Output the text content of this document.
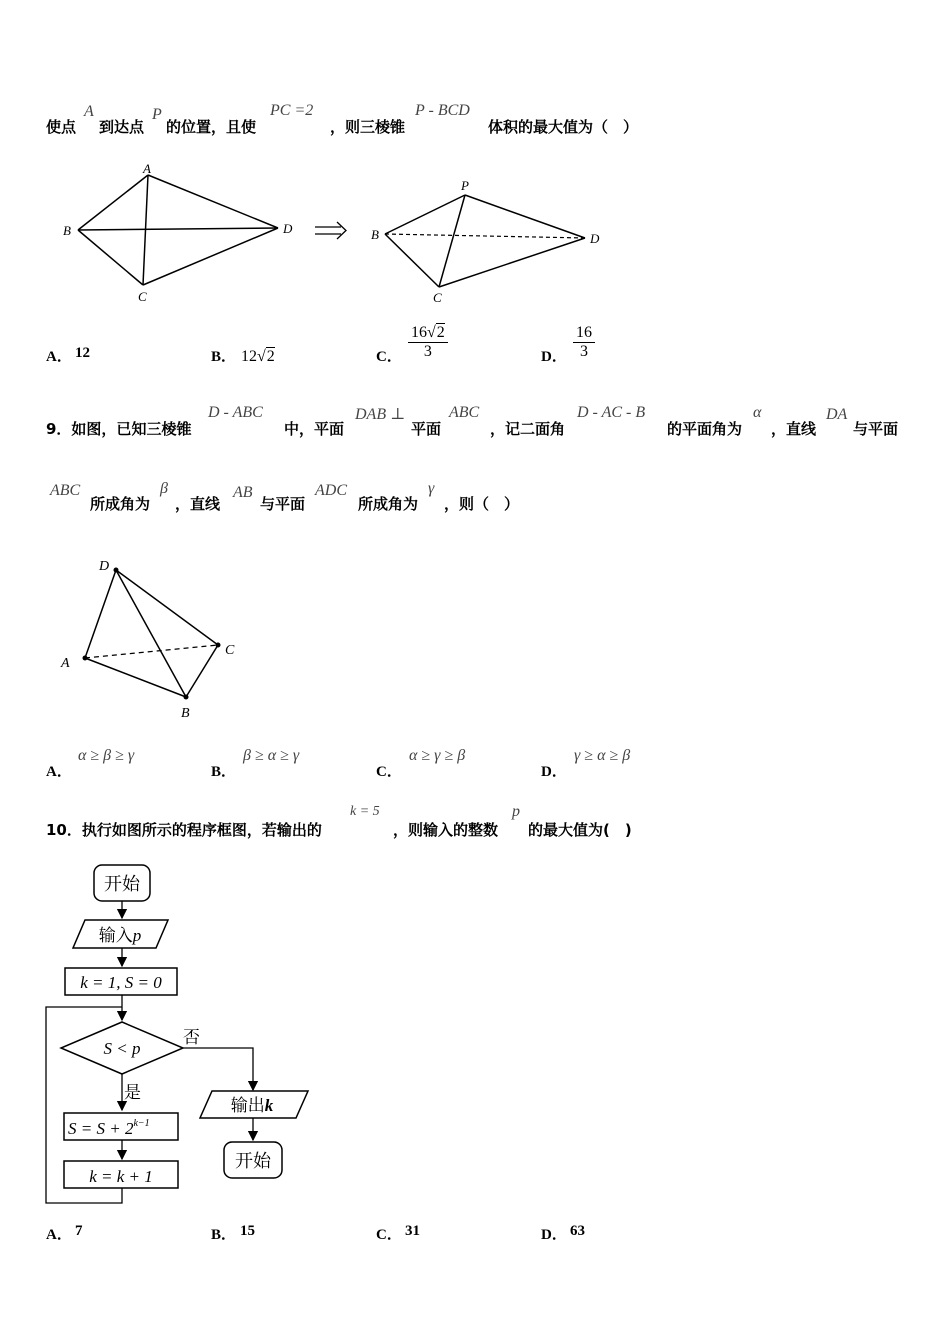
使点
A
到达点
P
的位置，且使
PC =2
，则三棱锥
P - BCD
体积的最大值为（　）
A
B
C
D
P
B
C
D
A． 12	B． 12√2	C． $\frac{16√2}{3}$	D． $\frac{16}{3}$
9．如图，已知三棱锥
D - ABC
中，平面
DAB ⊥
平面
ABC
，记二面角
D - AC - B
的平面角为
α
，直线
DA
与平面
ABC
所成角为
β
，直线
AB
与平面
ADC
所成角为
γ
，则（　）
D
A
B
C
A．
α ≥ β ≥ γ
B．
β ≥ α ≥ γ
C．
α ≥ γ ≥ β
D．
γ ≥ α ≥ β
10．执行如图所示的程序框图，若输出的
k = 5
，则输入的整数
p
的最大值为(　)
开始
输入p
k = 1, S = 0
S < p
否
是
$S = S + 2^{k-1}$
k = k + 1
输出k
开始
A． 7	B． 15	C． 31	D． 63
